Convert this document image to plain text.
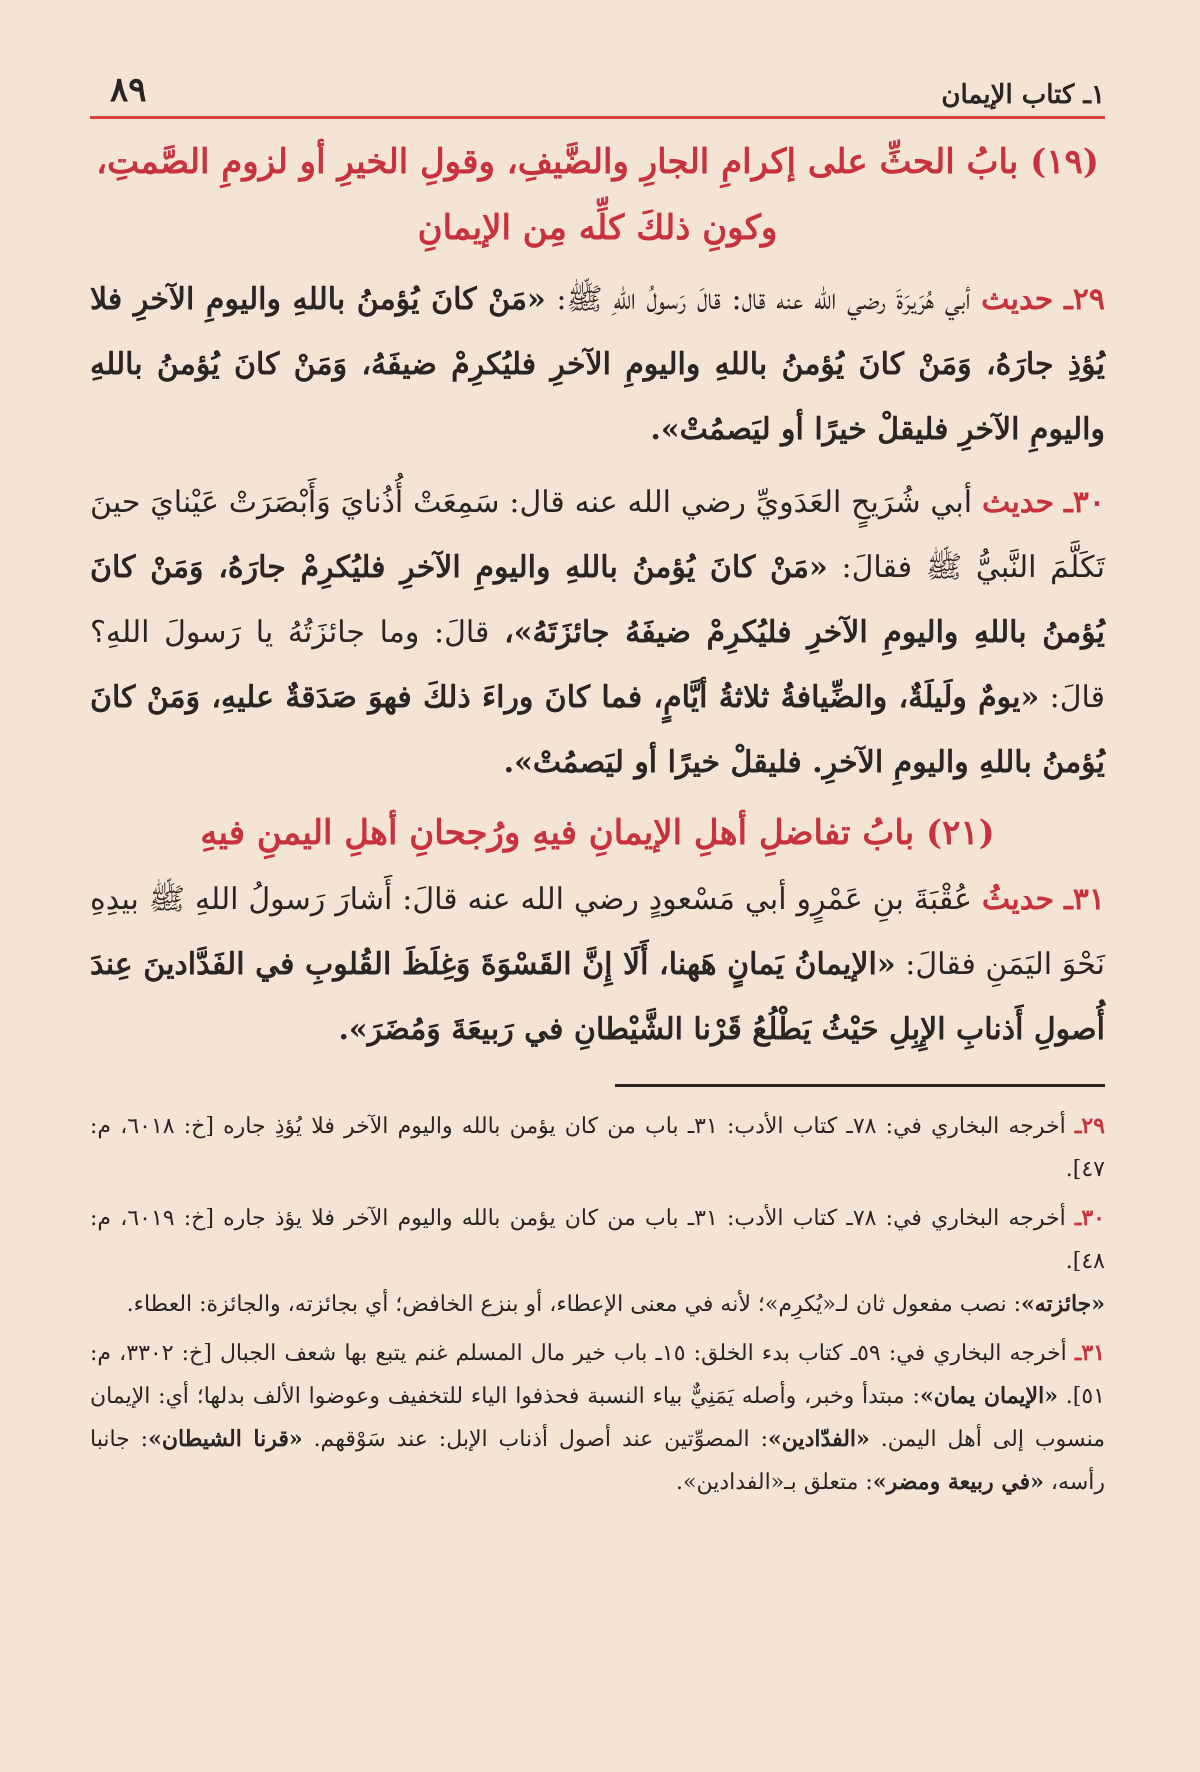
١ـ كتاب الإيمان
٨٩
(١٩) بابُ الحثِّ على إكرامِ الجارِ والضَّيفِ، وقولِ الخيرِ أو لزومِ الصَّمتِ،
وكونِ ذلكَ كلِّه مِن الإيمانِ

٢٩ـ حديث أبي هُرَيرَةَ رضي الله عنه قال: قالَ رَسولُ اللهِ ﷺ: «مَنْ كانَ يُؤمنُ باللهِ واليومِ الآخرِ فلا يُؤذِ جارَهُ، وَمَنْ كانَ يُؤمنُ باللهِ واليومِ الآخرِ فليُكرِمْ ضيفَهُ، وَمَنْ كانَ يُؤمنُ باللهِ واليومِ الآخرِ فليقلْ خيرًا أو ليَصمُتْ».

٣٠ـ حديث أبي شُرَيحٍ العَدَويِّ رضي الله عنه قال: سَمِعَتْ أُذُنايَ وَأَبْصَرَتْ عَيْنايَ حينَ تَكَلَّمَ النَّبيُّ ﷺ فقالَ: «مَنْ كانَ يُؤمنُ باللهِ واليومِ الآخرِ فليُكرِمْ جارَهُ، وَمَنْ كانَ يُؤمنُ باللهِ واليومِ الآخرِ فليُكرِمْ ضيفَهُ جائزَتَهُ»، قالَ: وما جائزَتُهُ يا رَسولَ اللهِ؟ قالَ: «يومٌ ولَيلَةٌ، والضِّيافةُ ثلاثةُ أيَّامٍ، فما كانَ وراءَ ذلكَ فهوَ صَدَقةٌ عليهِ، وَمَنْ كانَ يُؤمنُ باللهِ واليومِ الآخرِ. فليقلْ خيرًا أو ليَصمُتْ».

(٢١) بابُ تفاضلِ أهلِ الإيمانِ فيهِ ورُجحانِ أهلِ اليمنِ فيهِ

٣١ـ حديثُ عُقْبَةَ بنِ عَمْرٍو أبي مَسْعودٍ رضي الله عنه قالَ: أَشارَ رَسولُ اللهِ ﷺ بيدِهِ نَحْوَ اليَمَنِ فقالَ: «الإيمانُ يَمانٍ هَهنا، أَلَا إِنَّ القَسْوَةَ وَغِلَظَ القُلوبِ في الفَدَّادينَ عِندَ أُصولِ أَذنابِ الإِبِلِ حَيْثُ يَطْلُعُ قَرْنا الشَّيْطانِ في رَبيعَةَ وَمُضَرَ».

٢٩ـ أخرجه البخاري في: ٧٨ـ كتاب الأدب: ٣١ـ باب من كان يؤمن بالله واليوم الآخر فلا يُؤذِ جاره [خ: ٦٠١٨، م: ٤٧].

٣٠ـ أخرجه البخاري في: ٧٨ـ كتاب الأدب: ٣١ـ باب من كان يؤمن بالله واليوم الآخر فلا يؤذ جاره [خ: ٦٠١٩، م: ٤٨].
«جائزته»: نصب مفعول ثان لـ«يُكرِم»؛ لأنه في معنى الإعطاء، أو بنزع الخافض؛ أي بجائزته، والجائزة: العطاء.

٣١ـ أخرجه البخاري في: ٥٩ـ كتاب بدء الخلق: ١٥ـ باب خير مال المسلم غنم يتبع بها شعف الجبال [خ: ٣٣٠٢، م: ٥١]. «الإيمان يمان»: مبتدأ وخبر، وأصله يَمَنِيٌّ بياء النسبة فحذفوا الياء للتخفيف وعوضوا الألف بدلها؛ أي: الإيمان منسوب إلى أهل اليمن. «الفدّادين»: المصوِّتين عند أصول أذناب الإبل: عند سَوْقهم. «قرنا الشيطان»: جانبا رأسه، «في ربيعة ومضر»: متعلق بـ«الفدادين».
